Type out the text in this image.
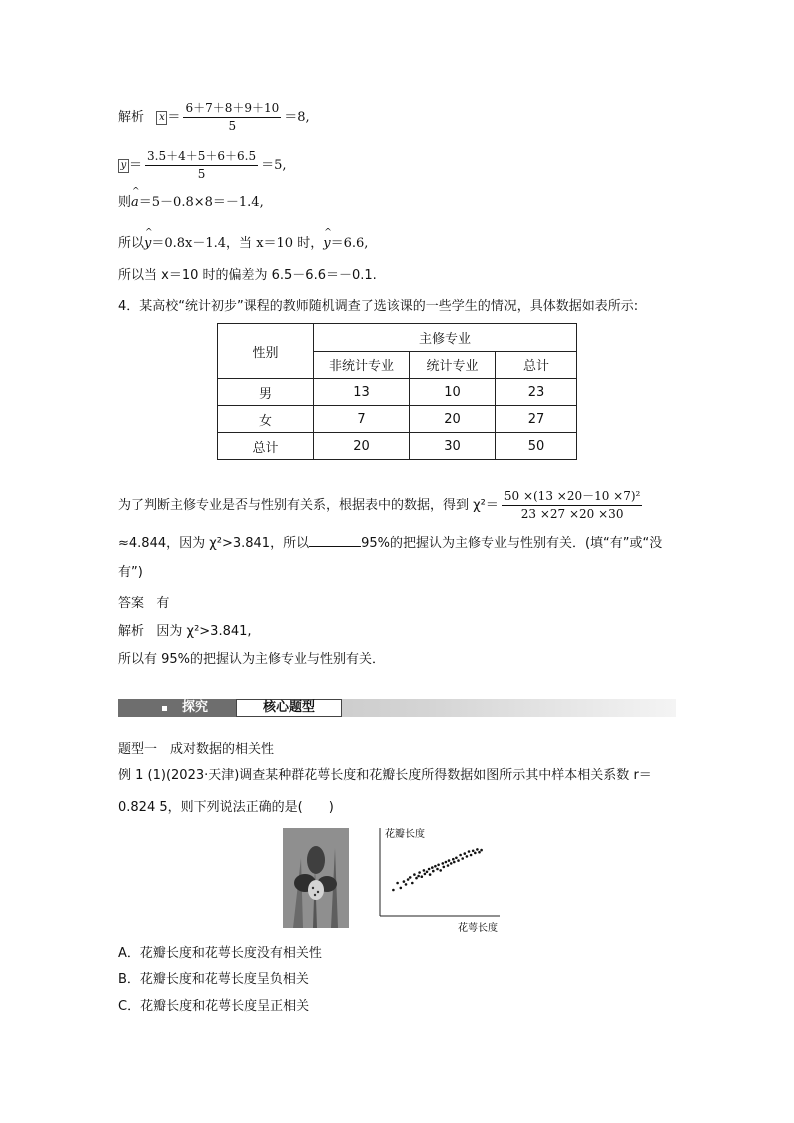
解析 $x = \frac{6+7+8+9+10}{5} =8$,
$y = \frac{3.5+4+5+6+6.5}{5} =5$,
则^ a＝5－0.8×8＝－1.4,
所以^ y＝0.8x－1.4，当 x＝10 时，^ y＝6.6,
所以当 x＝10 时的偏差为 6.5－6.6＝－0.1.
4．某高校“统计初步”课程的教师随机调查了选该课的一些学生的情况，具体数据如表所示:
性别	主修专业		
	非统计专业	统计专业	总计
男	13	10	23
女	7	20	27
总计	20	30	50
为了判断主修专业是否与性别有关系，根据表中的数据，得到 $\chi^2= \frac{\text{50 ×(13 ×20－10 ×7)²}}{23 \times 27 \times 20 \times 30}$
≈4.844，因为 χ²>3.841，所以	95%的把握认为主修专业与性别有关．(填“有”或“没
有”)
答案 有
解析 因为 χ²>3.841,
所以有 95%的把握认为主修专业与性别有关．
探究	核心题型
题型一　成对数据的相关性
例 1 (1)(2023·天津)调查某种群花萼长度和花瓣长度所得数据如图所示其中样本相关系数 r＝
0.824 5，则下列说法正确的是(　　)
花瓣长度
花萼长度
A．花瓣长度和花萼长度没有相关性
B．花瓣长度和花萼长度呈负相关
C．花瓣长度和花萼长度呈正相关
